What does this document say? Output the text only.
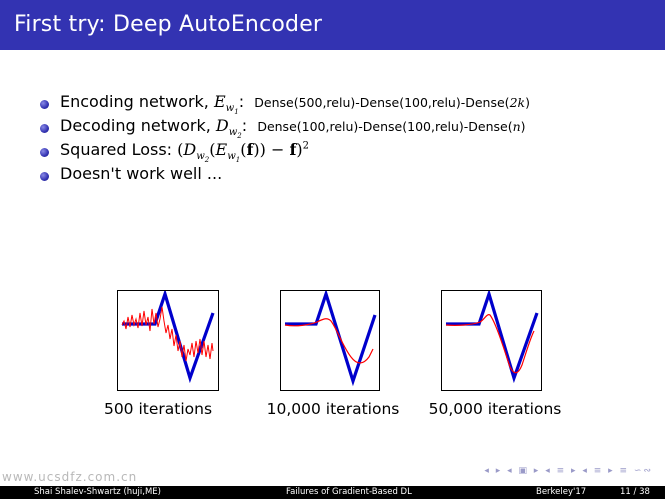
First try: Deep AutoEncoder
Encoding network, $E_{w_1}$:  Dense(500,relu)-Dense(100,relu)-Dense(2k)
Decoding network, $D_{w_2}$:  Dense(100,relu)-Dense(100,relu)-Dense(n)
Squared Loss: $(D_{w_2}(E_{w_1}(f)) - f)^2$
Doesn't work well ...
500 iterations	10,000 iterations	50,000 iterations
◂ ▸ ◂ ▣ ▸ ◂ ≡ ▸ ◂ ≡ ▸ ≡ ∽∾
www.ucsdfz.com.cn
Shai Shalev-Shwartz (huji,ME)	Failures of Gradient-Based DL	Berkeley'17	11 / 38
